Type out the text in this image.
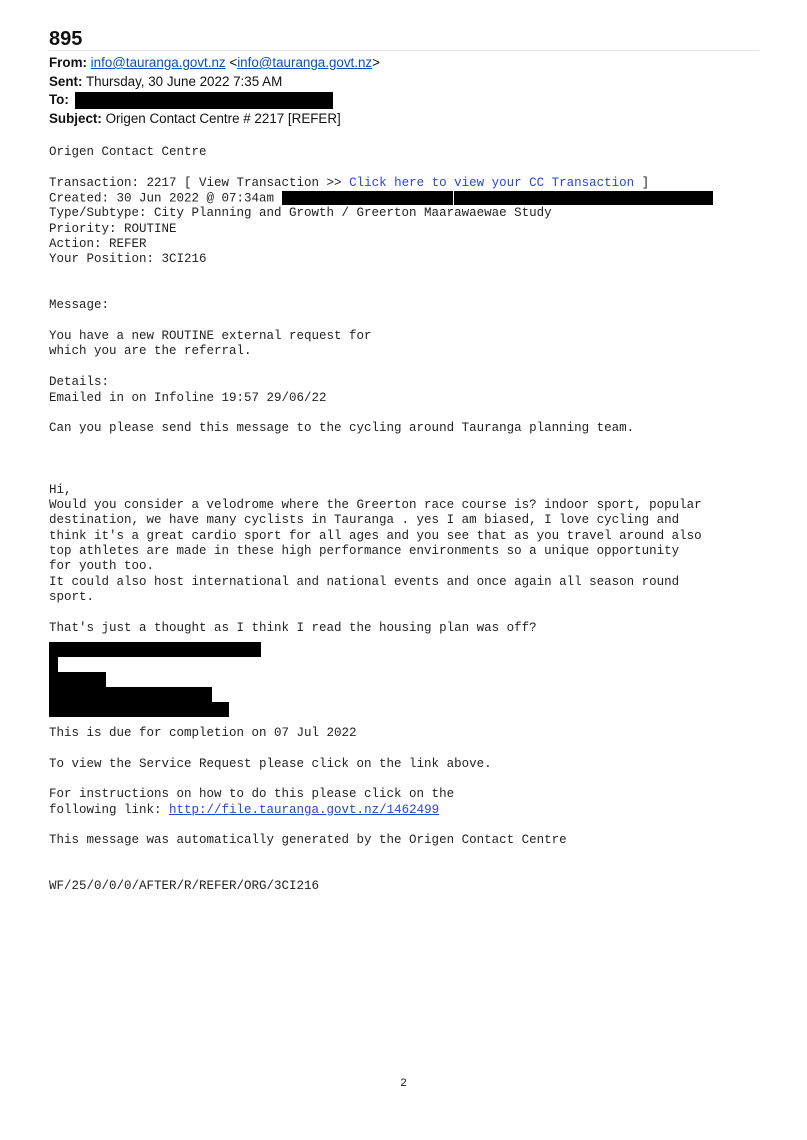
895
From: info@tauranga.govt.nz <info@tauranga.govt.nz>
Sent: Thursday, 30 June 2022 7:35 AM
To:
Subject: Origen Contact Centre # 2217 [REFER]
Origen Contact Centre
Transaction: 2217 [ View Transaction >> Click here to view your CC Transaction ]
Created: 30 Jun 2022 @ 07:34am
Type/Subtype: City Planning and Growth / Greerton Maarawaewae Study
Priority: ROUTINE
Action: REFER
Your Position: 3CI216
Message:
You have a new ROUTINE external request for
which you are the referral.
Details:
Emailed in on Infoline 19:57 29/06/22
Can you please send this message to the cycling around Tauranga planning team.
Hi,
Would you consider a velodrome where the Greerton race course is? indoor sport, popular
destination, we have many cyclists in Tauranga . yes I am biased, I love cycling and
think it's a great cardio sport for all ages and you see that as you travel around also
top athletes are made in these high performance environments so a unique opportunity
for youth too.
It could also host international and national events and once again all season round
sport.
That's just a thought as I think I read the housing plan was off?
This is due for completion on 07 Jul 2022
To view the Service Request please click on the link above.
For instructions on how to do this please click on the
following link: http://file.tauranga.govt.nz/1462499
This message was automatically generated by the Origen Contact Centre
WF/25/0/0/0/AFTER/R/REFER/ORG/3CI216
2
